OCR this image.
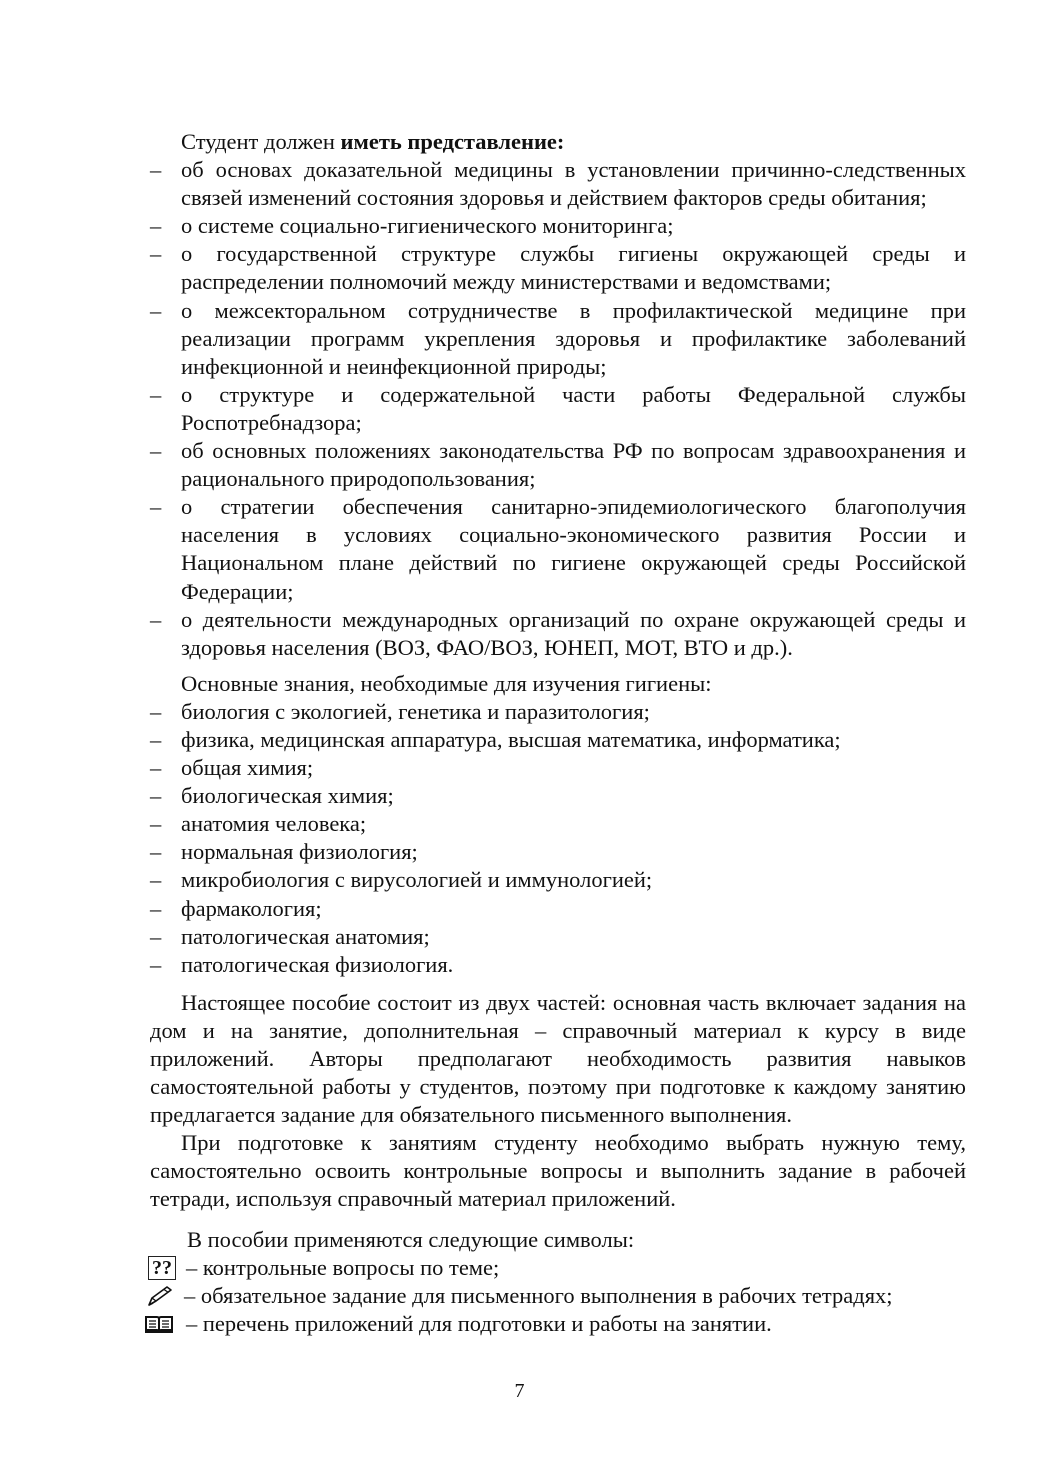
Студент должен иметь представление:

– об основах доказательной медицины в установлении причинно-следственных связей изменений состояния здоровья и действием факторов среды обитания;
– о системе социально-гигиенического мониторинга;
– о государственной структуре службы гигиены окружающей среды и распределении полномочий между министерствами и ведомствами;
– о межсекторальном сотрудничестве в профилактической медицине при реализации программ укрепления здоровья и профилактике заболеваний инфекционной и неинфекционной природы;
– о структуре и содержательной части работы Федеральной службы Роспотребнадзора;
– об основных положениях законодательства РФ по вопросам здравоохранения и рационального природопользования;
– о стратегии обеспечения санитарно-эпидемиологического благополучия населения в условиях социально-экономического развития России и Национальном плане действий по гигиене окружающей среды Российской Федерации;
– о деятельности международных организаций по охране окружающей среды и здоровья населения (ВОЗ, ФАО/ВОЗ, ЮНЕП, МОТ, ВТО и др.).

Основные знания, необходимые для изучения гигиены:

– биология с экологией, генетика и паразитология;
– физика, медицинская аппаратура, высшая математика, информатика;
– общая химия;
– биологическая химия;
– анатомия человека;
– нормальная физиология;
– микробиология с вирусологией и иммунологией;
– фармакология;
– патологическая анатомия;
– патологическая физиология.

Настоящее пособие состоит из двух частей: основная часть включает задания на дом и на занятие, дополнительная – справочный материал к курсу в виде приложений. Авторы предполагают необходимость развития навыков самостоятельной работы у студентов, поэтому при подготовке к каждому занятию предлагается задание для обязательного письменного выполнения.

При подготовке к занятиям студенту необходимо выбрать нужную тему, самостоятельно освоить контрольные вопросы и выполнить задание в рабочей тетради, используя справочный материал приложений.

В пособии применяются следующие символы:

?? – контрольные вопросы по теме;
– обязательное задание для письменного выполнения в рабочих тетрадях;
– перечень приложений для подготовки и работы на занятии.
7
